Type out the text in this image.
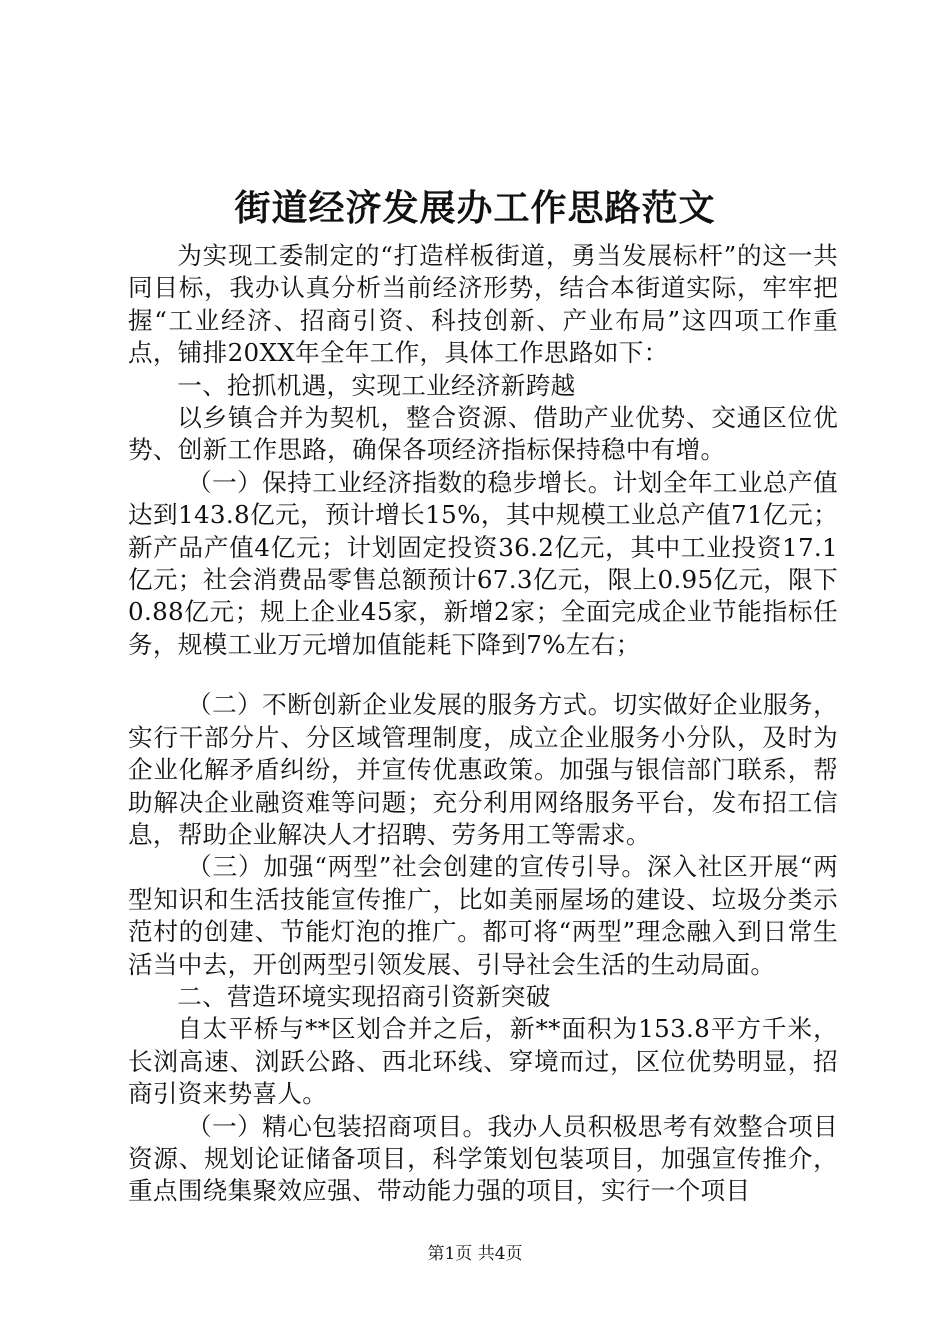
街道经济发展办工作思路范文

为实现工委制定的“打造样板街道，勇当发展标杆”的这一共同目标，我办认真分析当前经济形势，结合本街道实际，牢牢把握“工业经济、招商引资、科技创新、产业布局”这四项工作重点，铺排20XX年全年工作，具体工作思路如下：

一、抢抓机遇，实现工业经济新跨越

以乡镇合并为契机，整合资源、借助产业优势、交通区位优势、创新工作思路，确保各项经济指标保持稳中有增。

（一）保持工业经济指数的稳步增长。计划全年工业总产值达到143.8亿元，预计增长15%，其中规模工业总产值71亿元；新产品产值4亿元；计划固定投资36.2亿元，其中工业投资17.1亿元；社会消费品零售总额预计67.3亿元，限上0.95亿元，限下0.88亿元；规上企业45家，新增2家；全面完成企业节能指标任务，规模工业万元增加值能耗下降到7%左右；

（二）不断创新企业发展的服务方式。切实做好企业服务，实行干部分片、分区域管理制度，成立企业服务小分队，及时为企业化解矛盾纠纷，并宣传优惠政策。加强与银信部门联系，帮助解决企业融资难等问题；充分利用网络服务平台，发布招工信息，帮助企业解决人才招聘、劳务用工等需求。

（三）加强“两型”社会创建的宣传引导。深入社区开展“两型知识和生活技能宣传推广，比如美丽屋场的建设、垃圾分类示范村的创建、节能灯泡的推广。都可将“两型”理念融入到日常生活当中去，开创两型引领发展、引导社会生活的生动局面。

二、营造环境实现招商引资新突破

自太平桥与**区划合并之后，新**面积为153.8平方千米，长浏高速、浏跃公路、西北环线、穿境而过，区位优势明显，招商引资来势喜人。

（一）精心包装招商项目。我办人员积极思考有效整合项目资源、规划论证储备项目，科学策划包装项目，加强宣传推介，重点围绕集聚效应强、带动能力强的项目，实行一个项目

第1页 共4页
